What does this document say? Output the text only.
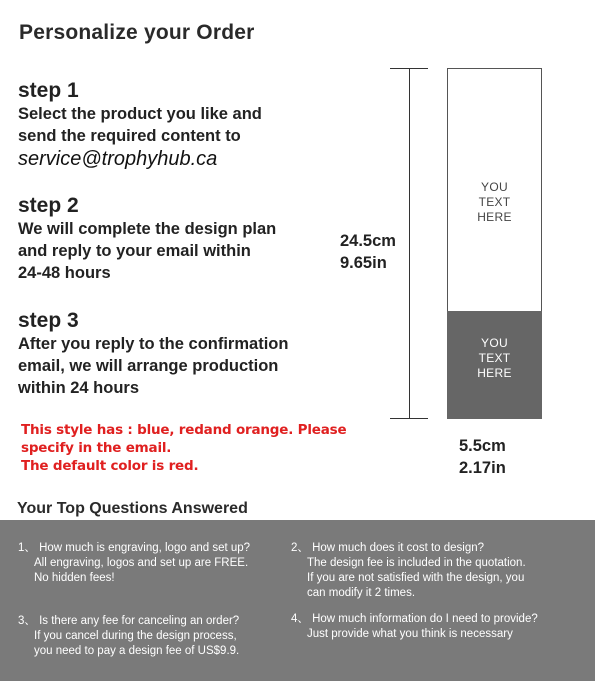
Personalize your Order
step 1
Select the product you like and
send the required content to
service@trophyhub.ca
step 2
We will complete the design plan
and reply to your email within
24-48 hours
step 3
After you reply to the confirmation
email, we will arrange production
within 24 hours
This style has : blue, redand orange. Please
specify in the email.
The default color is red.
24.5cm
9.65in
YOU
TEXT
HERE
YOU
TEXT
HERE
5.5cm
2.17in
Your Top Questions Answered
1、 How much is engraving, logo and set up?
All engraving, logos and set up are FREE.
No hidden fees!
2、 How much does it cost to design?
The design fee is included in the quotation.
If you are not satisfied with the design, you
can modify it 2 times.
3、 Is there any fee for canceling an order?
If you cancel during the design process,
you need to pay a design fee of US$9.9.
4、 How much information do I need to provide?
Just provide what you think is necessary
